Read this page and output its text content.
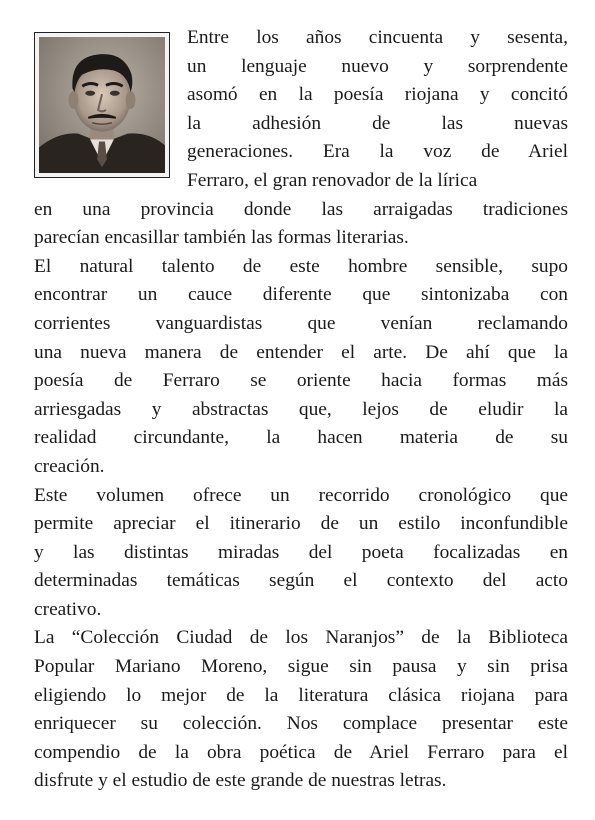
Entre los años cincuenta y sesenta,
un lenguaje nuevo y sorprendente
asomó en la poesía riojana y concitó
la adhesión de las nuevas
generaciones. Era la voz de Ariel
Ferraro, el gran renovador de la lírica
en una provincia donde las arraigadas tradiciones
parecían encasillar también las formas literarias.
El natural talento de este hombre sensible, supo
encontrar un cauce diferente que sintonizaba con
corrientes vanguardistas que venían reclamando
una nueva manera de entender el arte. De ahí que la
poesía de Ferraro se oriente hacia formas más
arriesgadas y abstractas que, lejos de eludir la
realidad circundante, la hacen materia de su
creación.
Este volumen ofrece un recorrido cronológico que
permite apreciar el itinerario de un estilo inconfundible
y las distintas miradas del poeta focalizadas en
determinadas temáticas según el contexto del acto
creativo.
La “Colección Ciudad de los Naranjos” de la Biblioteca
Popular Mariano Moreno, sigue sin pausa y sin prisa
eligiendo lo mejor de la literatura clásica riojana para
enriquecer su colección. Nos complace presentar este
compendio de la obra poética de Ariel Ferraro para el
disfrute y el estudio de este grande de nuestras letras.
